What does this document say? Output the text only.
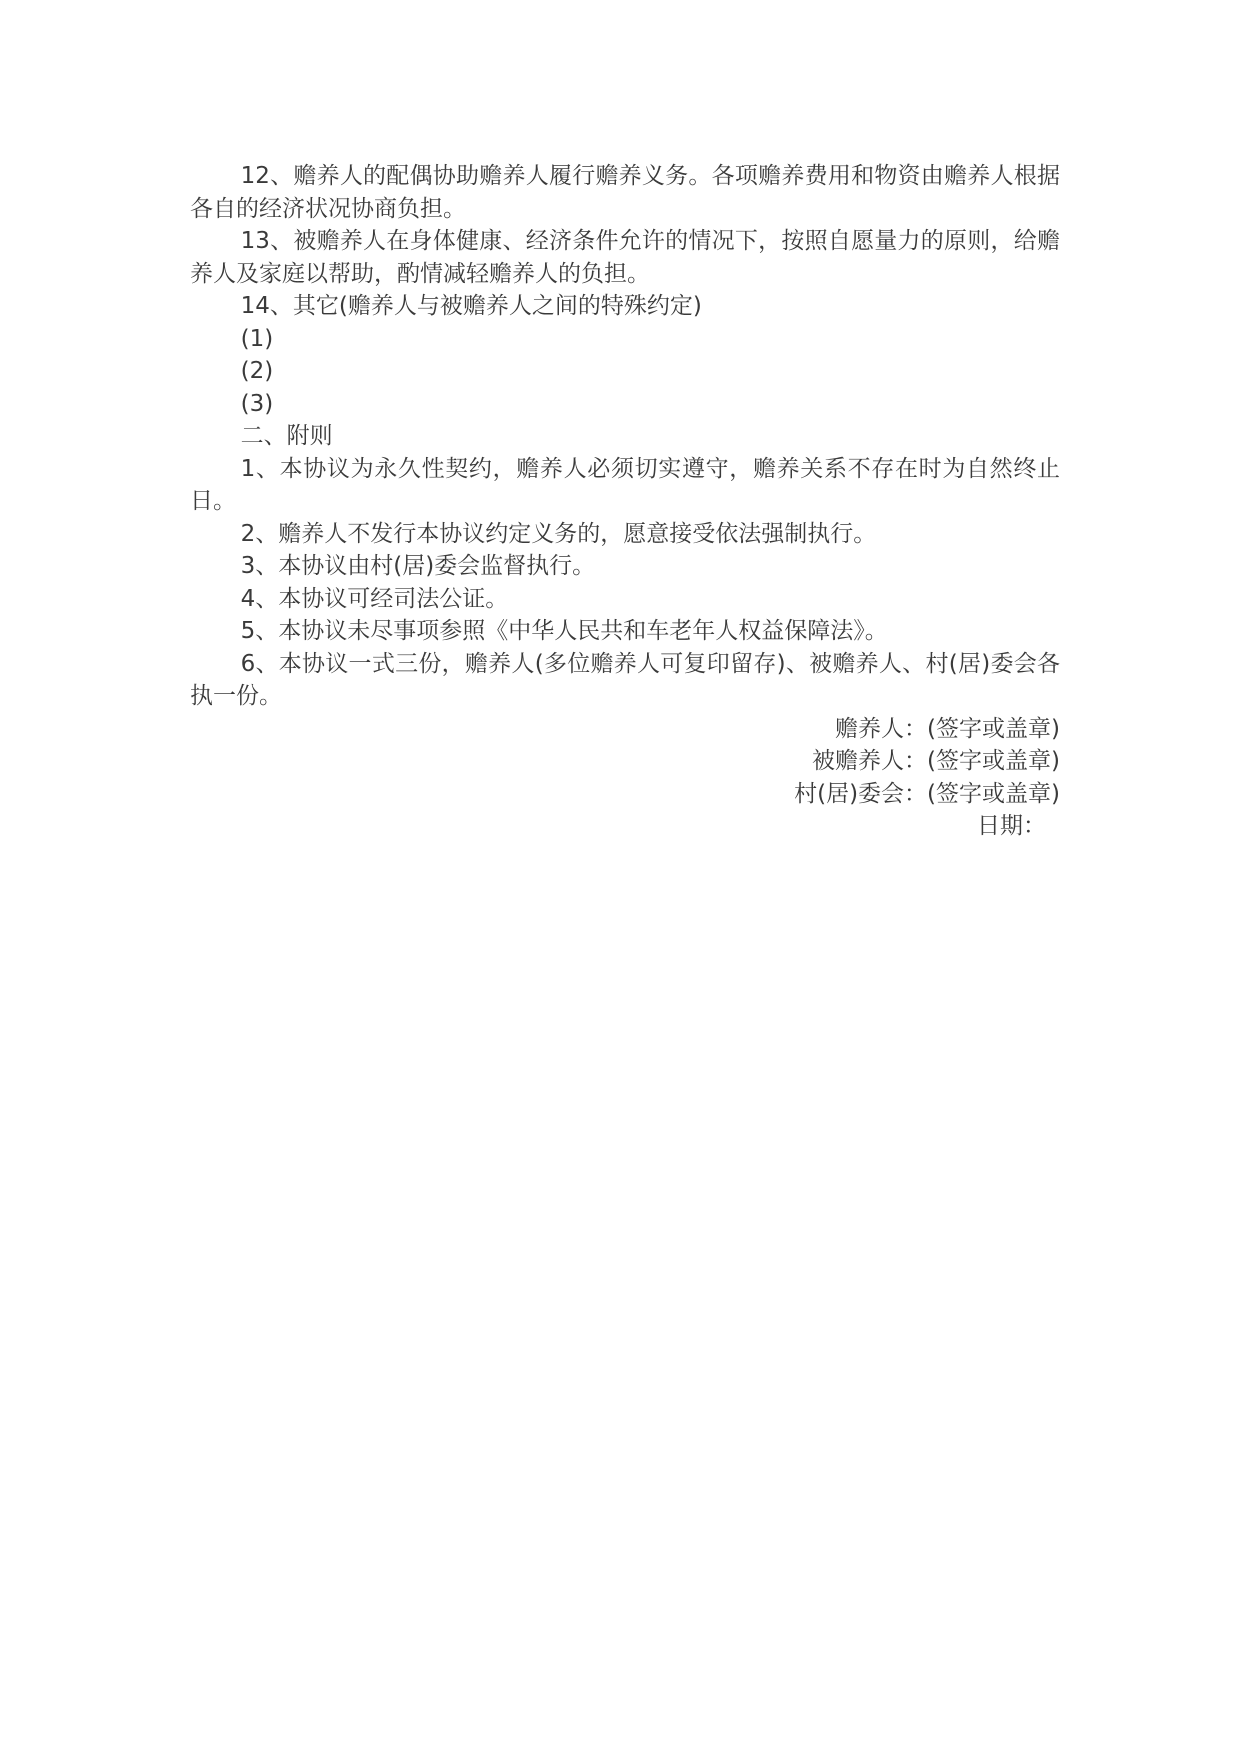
12、赡养人的配偶协助赡养人履行赡养义务。各项赡养费用和物资由赡养人根据各自的经济状况协商负担。

13、被赡养人在身体健康、经济条件允许的情况下，按照自愿量力的原则，给赡养人及家庭以帮助，酌情减轻赡养人的负担。

14、其它(赡养人与被赡养人之间的特殊约定)

(1)

(2)

(3)

二、附则

1、本协议为永久性契约，赡养人必须切实遵守，赡养关系不存在时为自然终止日。

2、赡养人不发行本协议约定义务的，愿意接受依法强制执行。

3、本协议由村(居)委会监督执行。

4、本协议可经司法公证。

5、本协议未尽事项参照《中华人民共和车老年人权益保障法》。

6、本协议一式三份，赡养人(多位赡养人可复印留存)、被赡养人、村(居)委会各执一份。

赡养人：(签字或盖章)

被赡养人：(签字或盖章)

村(居)委会：(签字或盖章)

日期：
